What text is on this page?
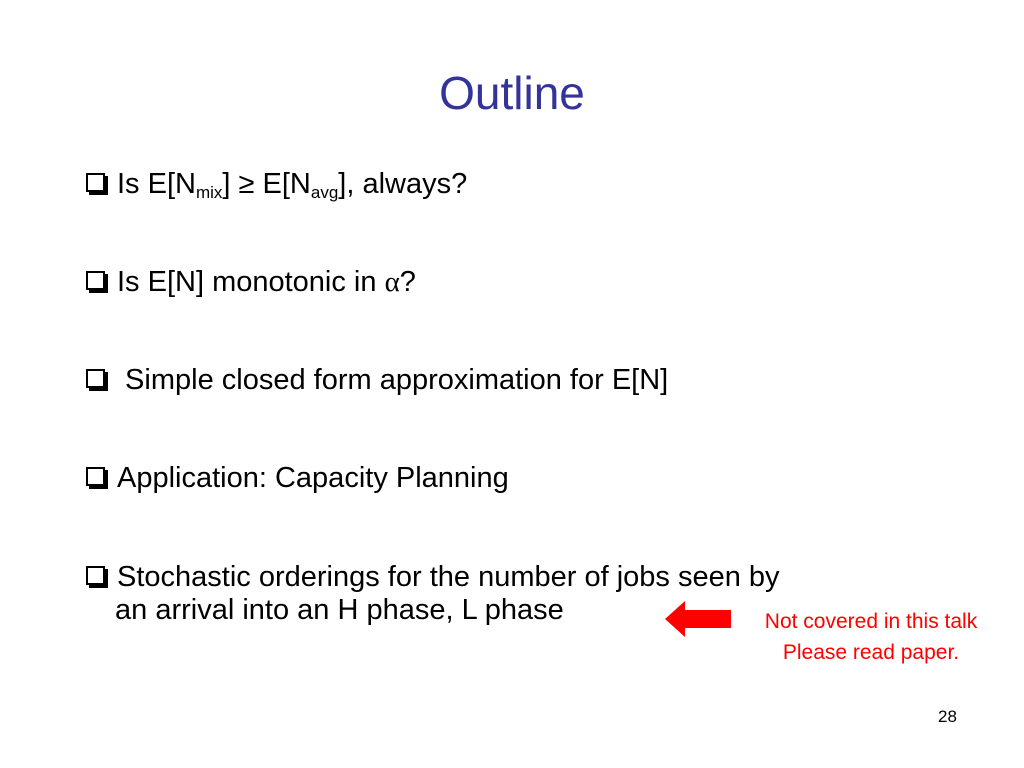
Outline
Is $E[N_{mix}] \ge E[N_{avg}]$, always?
Is E[N] monotonic in α?
Simple closed form approximation for E[N]
Application: Capacity Planning
Stochastic orderings for the number of jobs seen by
an arrival into an H phase, L phase	Not covered in this talk
Please read paper.
28
